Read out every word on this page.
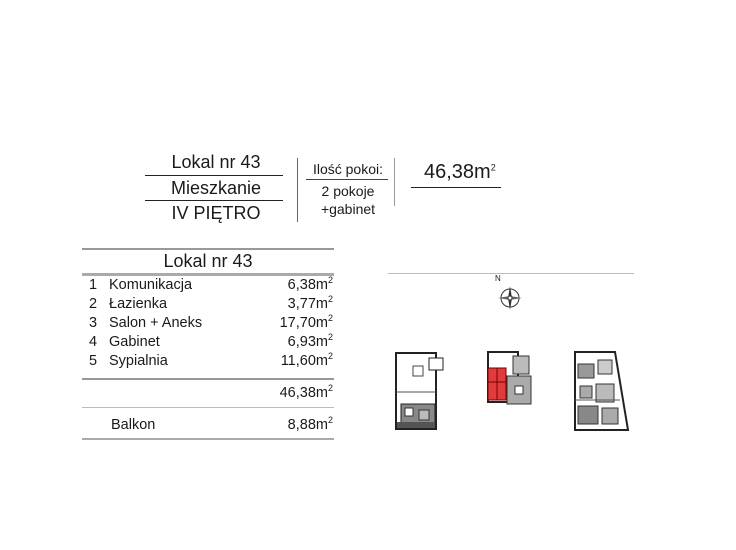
Lokal nr 43
Mieszkanie
IV PIĘTRO
Ilość pokoi:
2 pokoje
+gabinet
$46,38m^2$
Lokal nr 43
1 Komunikacja	$6,38m^2$
2 Łazienka	$3,77m^2$
3 Salon + Aneks	$17,70m^2$
4 Gabinet	$6,93m^2$
5 Sypialnia	$11,60m^2$
$46,38m^2$
Balkon	$8,88m^2$
N
